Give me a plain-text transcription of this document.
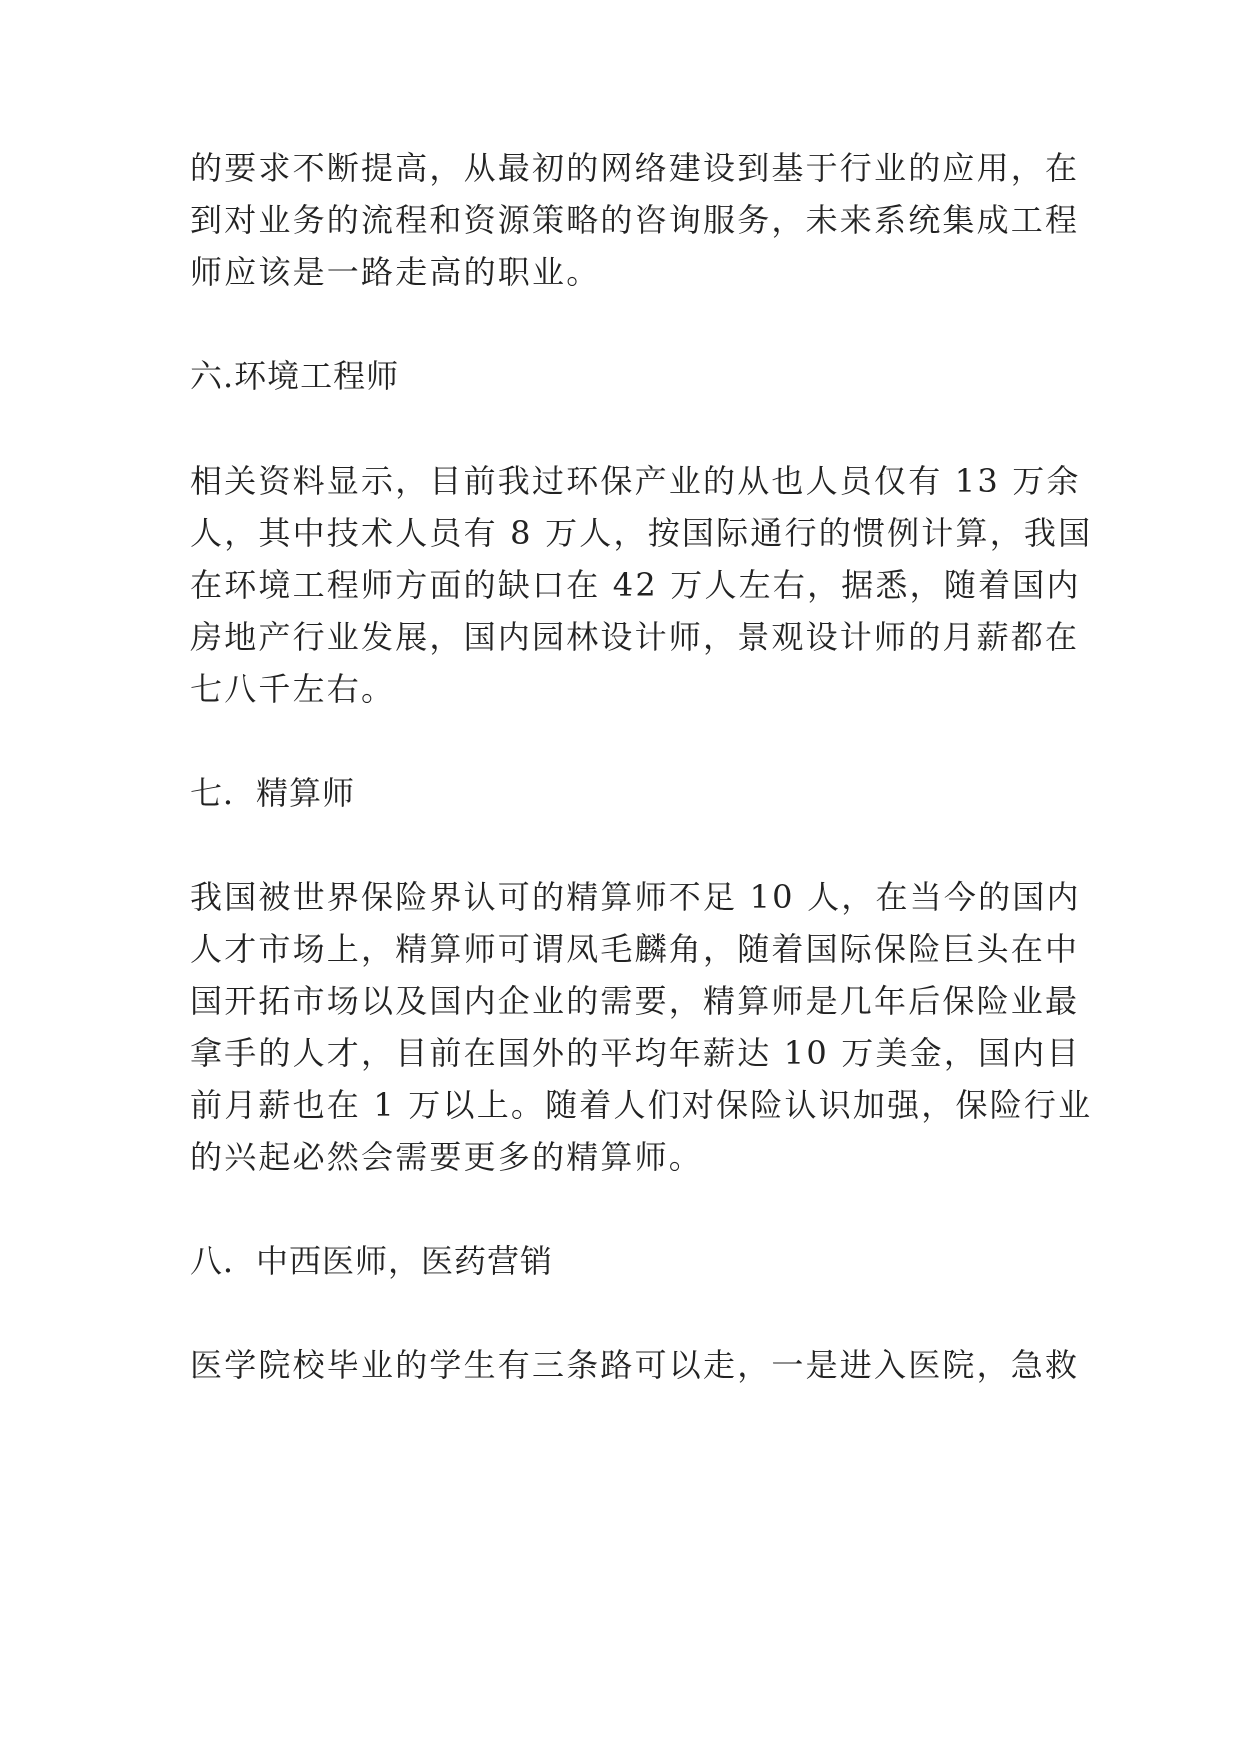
的要求不断提高，从最初的网络建设到基于行业的应用，在
到对业务的流程和资源策略的咨询服务，未来系统集成工程
师应该是一路走高的职业。
六.环境工程师
相关资料显示，目前我过环保产业的从也人员仅有 13 万余
人，其中技术人员有 8 万人，按国际通行的惯例计算，我国
在环境工程师方面的缺口在 42 万人左右，据悉，随着国内
房地产行业发展，国内园林设计师，景观设计师的月薪都在
七八千左右。
七．精算师
我国被世界保险界认可的精算师不足 10 人，在当今的国内
人才市场上，精算师可谓凤毛麟角，随着国际保险巨头在中
国开拓市场以及国内企业的需要，精算师是几年后保险业最
拿手的人才，目前在国外的平均年薪达 10 万美金，国内目
前月薪也在 1 万以上。随着人们对保险认识加强，保险行业
的兴起必然会需要更多的精算师。
八．中西医师，医药营销
医学院校毕业的学生有三条路可以走，一是进入医院，急救
